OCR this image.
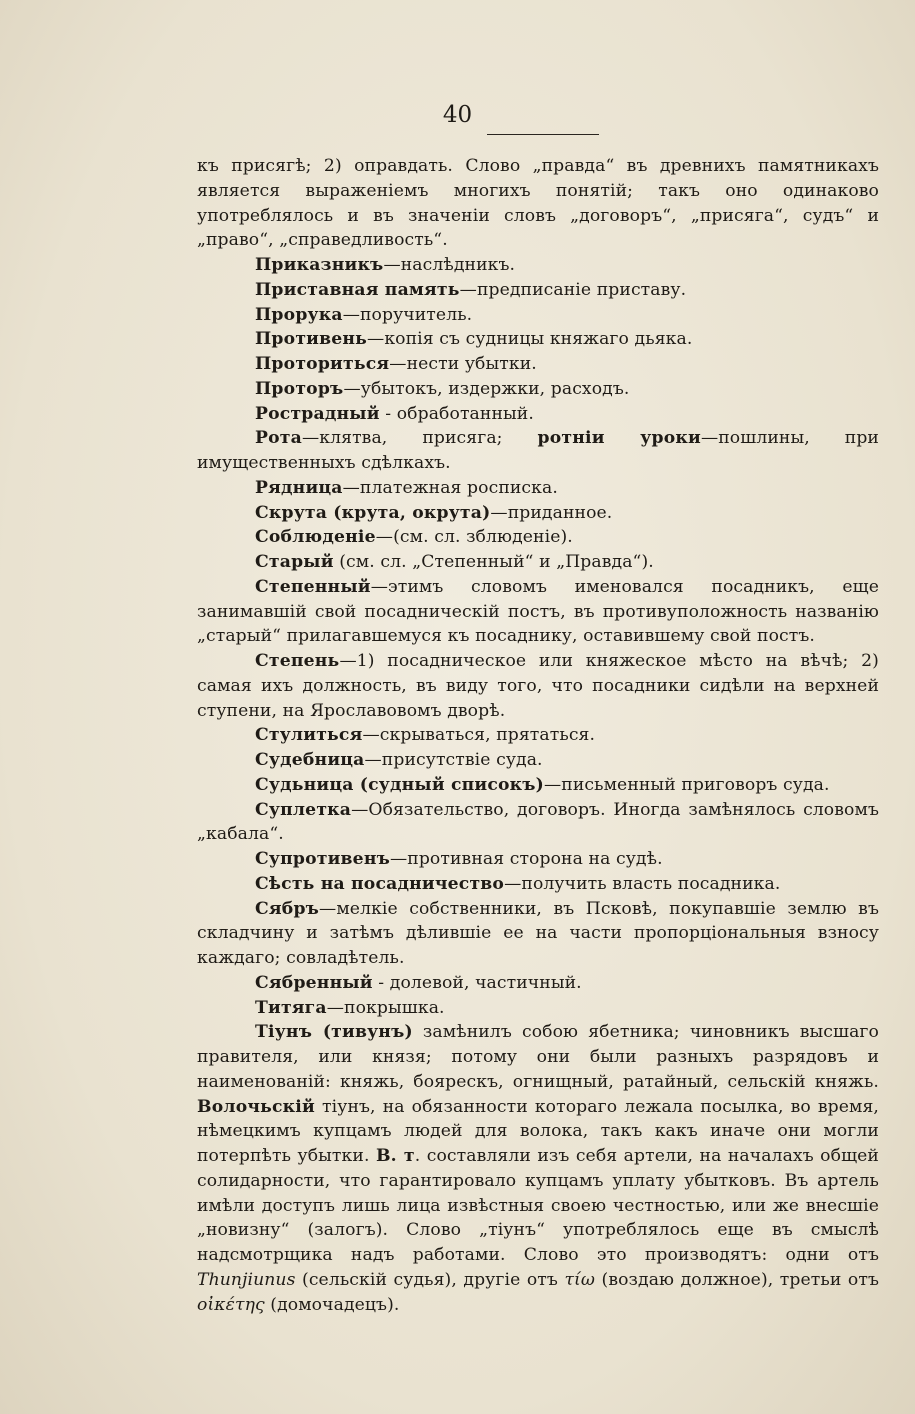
40

къ присягѣ; 2) оправдать. Слово „правда“ въ древнихъ памятникахъ является выраженіемъ многихъ понятій; такъ оно одинаково употреблялось и въ значеніи словъ „договоръ“, „присяга“, судъ“ и „право“, „справедливость“.

Приказникъ—наслѣдникъ.

Приставная память—предписаніе приставу.

Прорука—поручитель.

Противень—копія съ судницы княжаго дьяка.

Проториться—нести убытки.

Проторъ—убытокъ, издержки, расходъ.

Рострадный - обработанный.

Рота—клятва, присяга; ротніи уроки—пошлины, при имущественныхъ сдѣлкахъ.

Рядница—платежная росписка.

Скрута (крута, окрута)—приданное.

Соблюденіе—(см. сл. зблюденіе).

Старый (см. сл. „Степенный“ и „Правда“).

Степенный—этимъ словомъ именовался посадникъ, еще занимавшій свой посадническій постъ, въ противуположность названію „старый“ прилагавшемуся къ посаднику, оставившему свой постъ.

Степень—1) посадническое или княжеское мѣсто на вѣчѣ; 2) самая ихъ должность, въ виду того, что посадники сидѣли на верхней ступени, на Ярославовомъ дворѣ.

Стулиться—скрываться, прятаться.

Судебница—присутствіе суда.

Судьница (судный списокъ)—письменный приговоръ суда.

Суплетка—Обязательство, договоръ. Иногда замѣнялось словомъ „кабала“.

Супротивенъ—противная сторона на судѣ.

Сѣсть на посадничество—получить власть посадника.

Сябръ—мелкіе собственники, въ Псковѣ, покупавшіе землю въ складчину и затѣмъ дѣлившіе ее на части пропорціональныя взносу каждаго; совладѣтель.

Сябренный - долевой, частичный.

Титяга—покрышка.

Тіунъ (тивунъ) замѣнилъ собою ябетника; чиновникъ высшаго правителя, или князя; потому они были разныхъ разрядовъ и наименованій: княжь, боярескъ, огнищный, ратайный, сельскій княжь. Волочьскій тіунъ, на обязанности котораго лежала посылка, во время, нѣмецкимъ купцамъ людей для волока, такъ какъ иначе они могли потерпѣть убытки. В. т. составляли изъ себя артели, на началахъ общей солидарности, что гарантировало купцамъ уплату убытковъ. Въ артель имѣли доступъ лишь лица извѣстныя своею честностью, или же внесшіе „новизну“ (залогъ). Слово „тіунъ“ употреблялось еще въ смыслѣ надсмотрщика надъ работами. Слово это производятъ: одни отъ Thunjiunus (сельскій судья), другіе отъ τίω (воздаю должное), третьи отъ οἰκέτης (домочадецъ).
